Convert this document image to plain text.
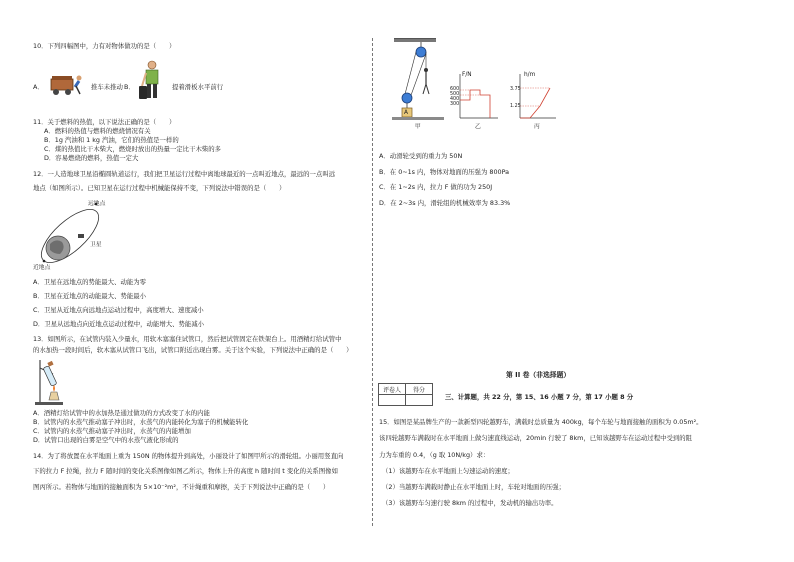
10．下列四幅图中，力有对物体做功的是（　　）
A．	推车未推动 B．	提着滑板水平前行
11．关于燃料的热值，以下说法正确的是（　　）
A．燃料的热值与燃料的燃烧情况有关
B．1g 汽油和 1 kg 汽油，它们的热值是一样的
C．煤的热值比干木柴大，燃烧时放出的热量一定比干木柴的多
D．容易燃烧的燃料，热值一定大
12．一人造地球卫星沿椭圆轨道运行，我们把卫星运行过程中离地球最近的一点叫近地点，最远的一点叫远
地点（如图所示）。已知卫星在运行过程中机械能保持不变，下列说法中错误的是（　　）
远地点
卫星
近地点
A．卫星在远地点的势能最大、动能为零
B．卫星在近地点的动能最大、势能最小
C．卫星从近地点向远地点运动过程中，高度增大、速度减小
D．卫星从远地点向近地点运动过程中，动能增大、势能减小
13．如图所示，在试管内装入少量水，用软木塞塞住试管口，然后把试管固定在铁架台上。用酒精灯给试管中
的水加热一段时间后，软木塞从试管口飞出，试管口附近出现白雾。关于这个实验，下列说法中正确的是（　　）
A．酒精灯给试管中的水加热是通过做功的方式改变了水的内能
B．试管内的水蒸气推动塞子冲出时，水蒸气的内能转化为塞子的机械能转化
C．试管内的水蒸气推动塞子冲出时，水蒸气的内能增加
D．试管口出现的白雾是空气中的水蒸气液化形成的
14．为了将放置在水平地面上重为 150N 的物体提升到高处，小丽设计了如图甲所示的滑轮组。小丽用竖直向
下的拉力 F 拉绳，拉力 F 随时间的变化关系图像如图乙所示，物体上升的高度 h 随时间 t 变化的关系图像如
图丙所示。若物体与地面的接触面积为 5×10⁻²m²，不计绳重和摩擦，关于下列说法中正确的是（　　）
A
甲
F/N
600
500
400
300
乙
h/m
3.75
1.25
丙
A．动滑轮受到的重力为 50N
B．在 0~1s 内，物体对地面的压强为 800Pa
C．在 1~2s 内，拉力 F 做的功为 250J
D．在 2~3s 内，滑轮组的机械效率为 83.3%
第 II 卷（非选择题）
评卷人	得分

三、计算题，共 22 分，第 15、16 小题 7 分，第 17 小题 8 分
15．如图是某品牌生产的一款新型四轮越野车，满载时总质量为 400kg，每个车轮与地面接触的面积为 0.05m²。
该四轮越野车满载时在水平地面上做匀速直线运动，20min 行驶了 8km，已知该越野车在运动过程中受到的阻
力为车重的 0.4，（g 取 10N/kg）求：
（1）该越野车在水平地面上匀速运动的速度；
（2）当越野车满载时静止在水平地面上时，车轮对地面的压强；
（3）该越野车匀速行驶 8km 的过程中，发动机的输出功率。
